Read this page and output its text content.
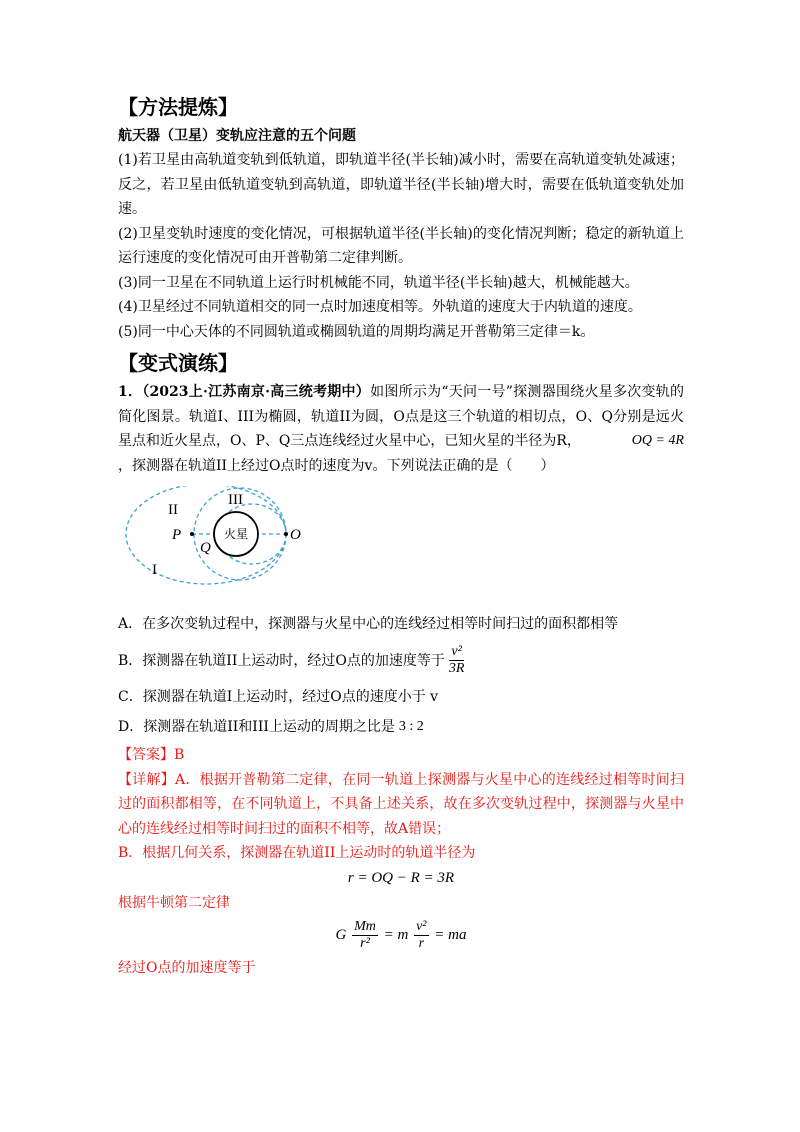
【方法提炼】
航天器（卫星）变轨应注意的五个问题

(1)若卫星由高轨道变轨到低轨道，即轨道半径(半长轴)减小时，需要在高轨道变轨处减速；反之，若卫星由低轨道变轨到高轨道，即轨道半径(半长轴)增大时，需要在低轨道变轨处加速。

(2)卫星变轨时速度的变化情况，可根据轨道半径(半长轴)的变化情况判断；稳定的新轨道上运行速度的变化情况可由开普勒第二定律判断。

(3)同一卫星在不同轨道上运行时机械能不同，轨道半径(半长轴)越大，机械能越大。

(4)卫星经过不同轨道相交的同一点时加速度相等。外轨道的速度大于内轨道的速度。

(5)同一中心天体的不同圆轨道或椭圆轨道的周期均满足开普勒第三定律＝k。

【变式演练】

1．（2023上·江苏南京·高三统考期中）如图所示为“天问一号”探测器围绕火星多次变轨的简化图景。轨道I、III为椭圆，轨道II为圆，O点是这三个轨道的相切点，O、Q分别是远火星点和近火星点，O、P、Q三点连线经过火星中心，已知火星的半径为R，	OQ = 4R

，探测器在轨道II上经过O点时的速度为v。下列说法正确的是（　　）

II
III
I
P
Q
O
火星

A．在多次变轨过程中，探测器与火星中心的连线经过相等时间扫过的面积都相等

B．探测器在轨道II上运动时，经过O点的加速度等于 $\frac{\text{v²}}{3R}$

C．探测器在轨道I上运动时，经过O点的速度小于 v

D．探测器在轨道II和III上运动的周期之比是 3 : 2

【答案】B

【详解】A．根据开普勒第二定律，在同一轨道上探测器与火星中心的连线经过相等时间扫过的面积都相等，在不同轨道上，不具备上述关系，故在多次变轨过程中，探测器与火星中心的连线经过相等时间扫过的面积不相等，故A错误；

B．根据几何关系，探测器在轨道II上运动时的轨道半径为

r = OQ − R = 3R

根据牛顿第二定律

G $\frac{Mm}{\text{r²}} = m \frac{\text{v²}}{r}$ = ma

经过O点的加速度等于
